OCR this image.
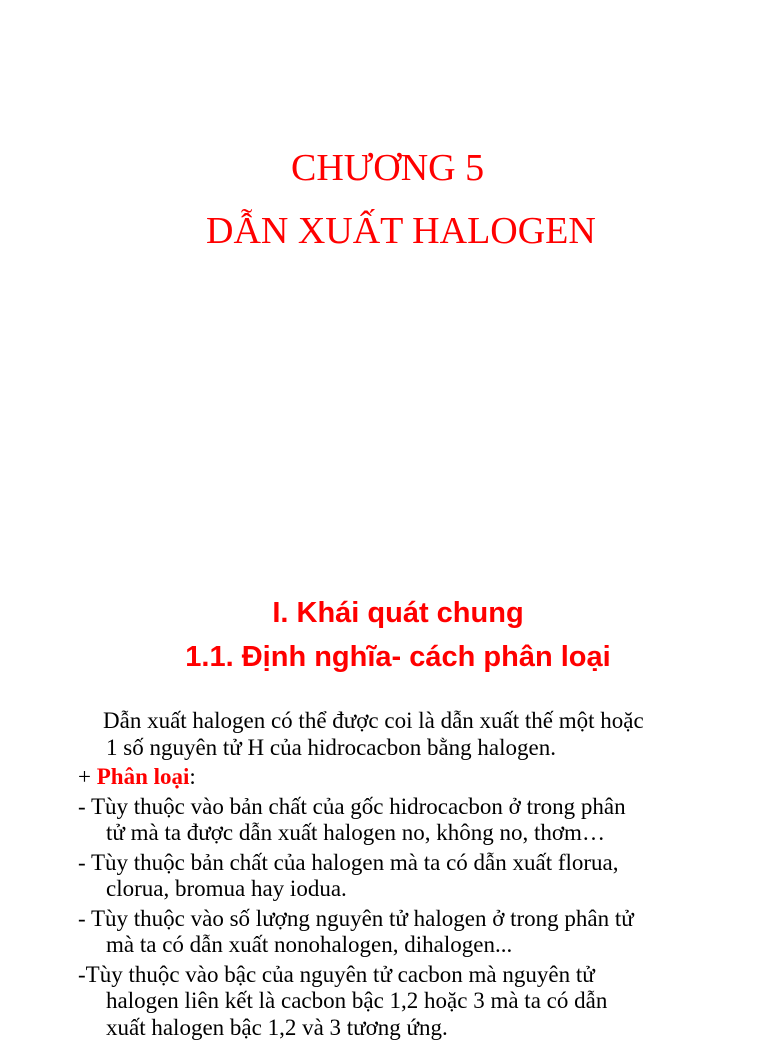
CHƯƠNG 5
DẪN XUẤT HALOGEN
I. Khái quát chung
1.1. Định nghĩa- cách phân loại

Dẫn xuất halogen có thể được coi là dẫn xuất thế một hoặc

1 số nguyên tử H của hidrocacbon bằng halogen.

+ Phân loại:

- Tùy thuộc vào bản chất của gốc hidrocacbon ở trong phân

tử mà ta được dẫn xuất halogen no, không no, thơm…

- Tùy thuộc bản chất của halogen mà ta có dẫn xuất florua,

clorua, bromua hay iodua.

- Tùy thuộc vào số lượng nguyên tử halogen ở trong phân tử

mà ta có dẫn xuất nonohalogen, dihalogen...

-Tùy thuộc vào bậc của nguyên tử cacbon mà nguyên tử

halogen liên kết là cacbon bậc 1,2 hoặc 3 mà ta có dẫn

xuất halogen bậc 1,2 và 3 tương ứng.
